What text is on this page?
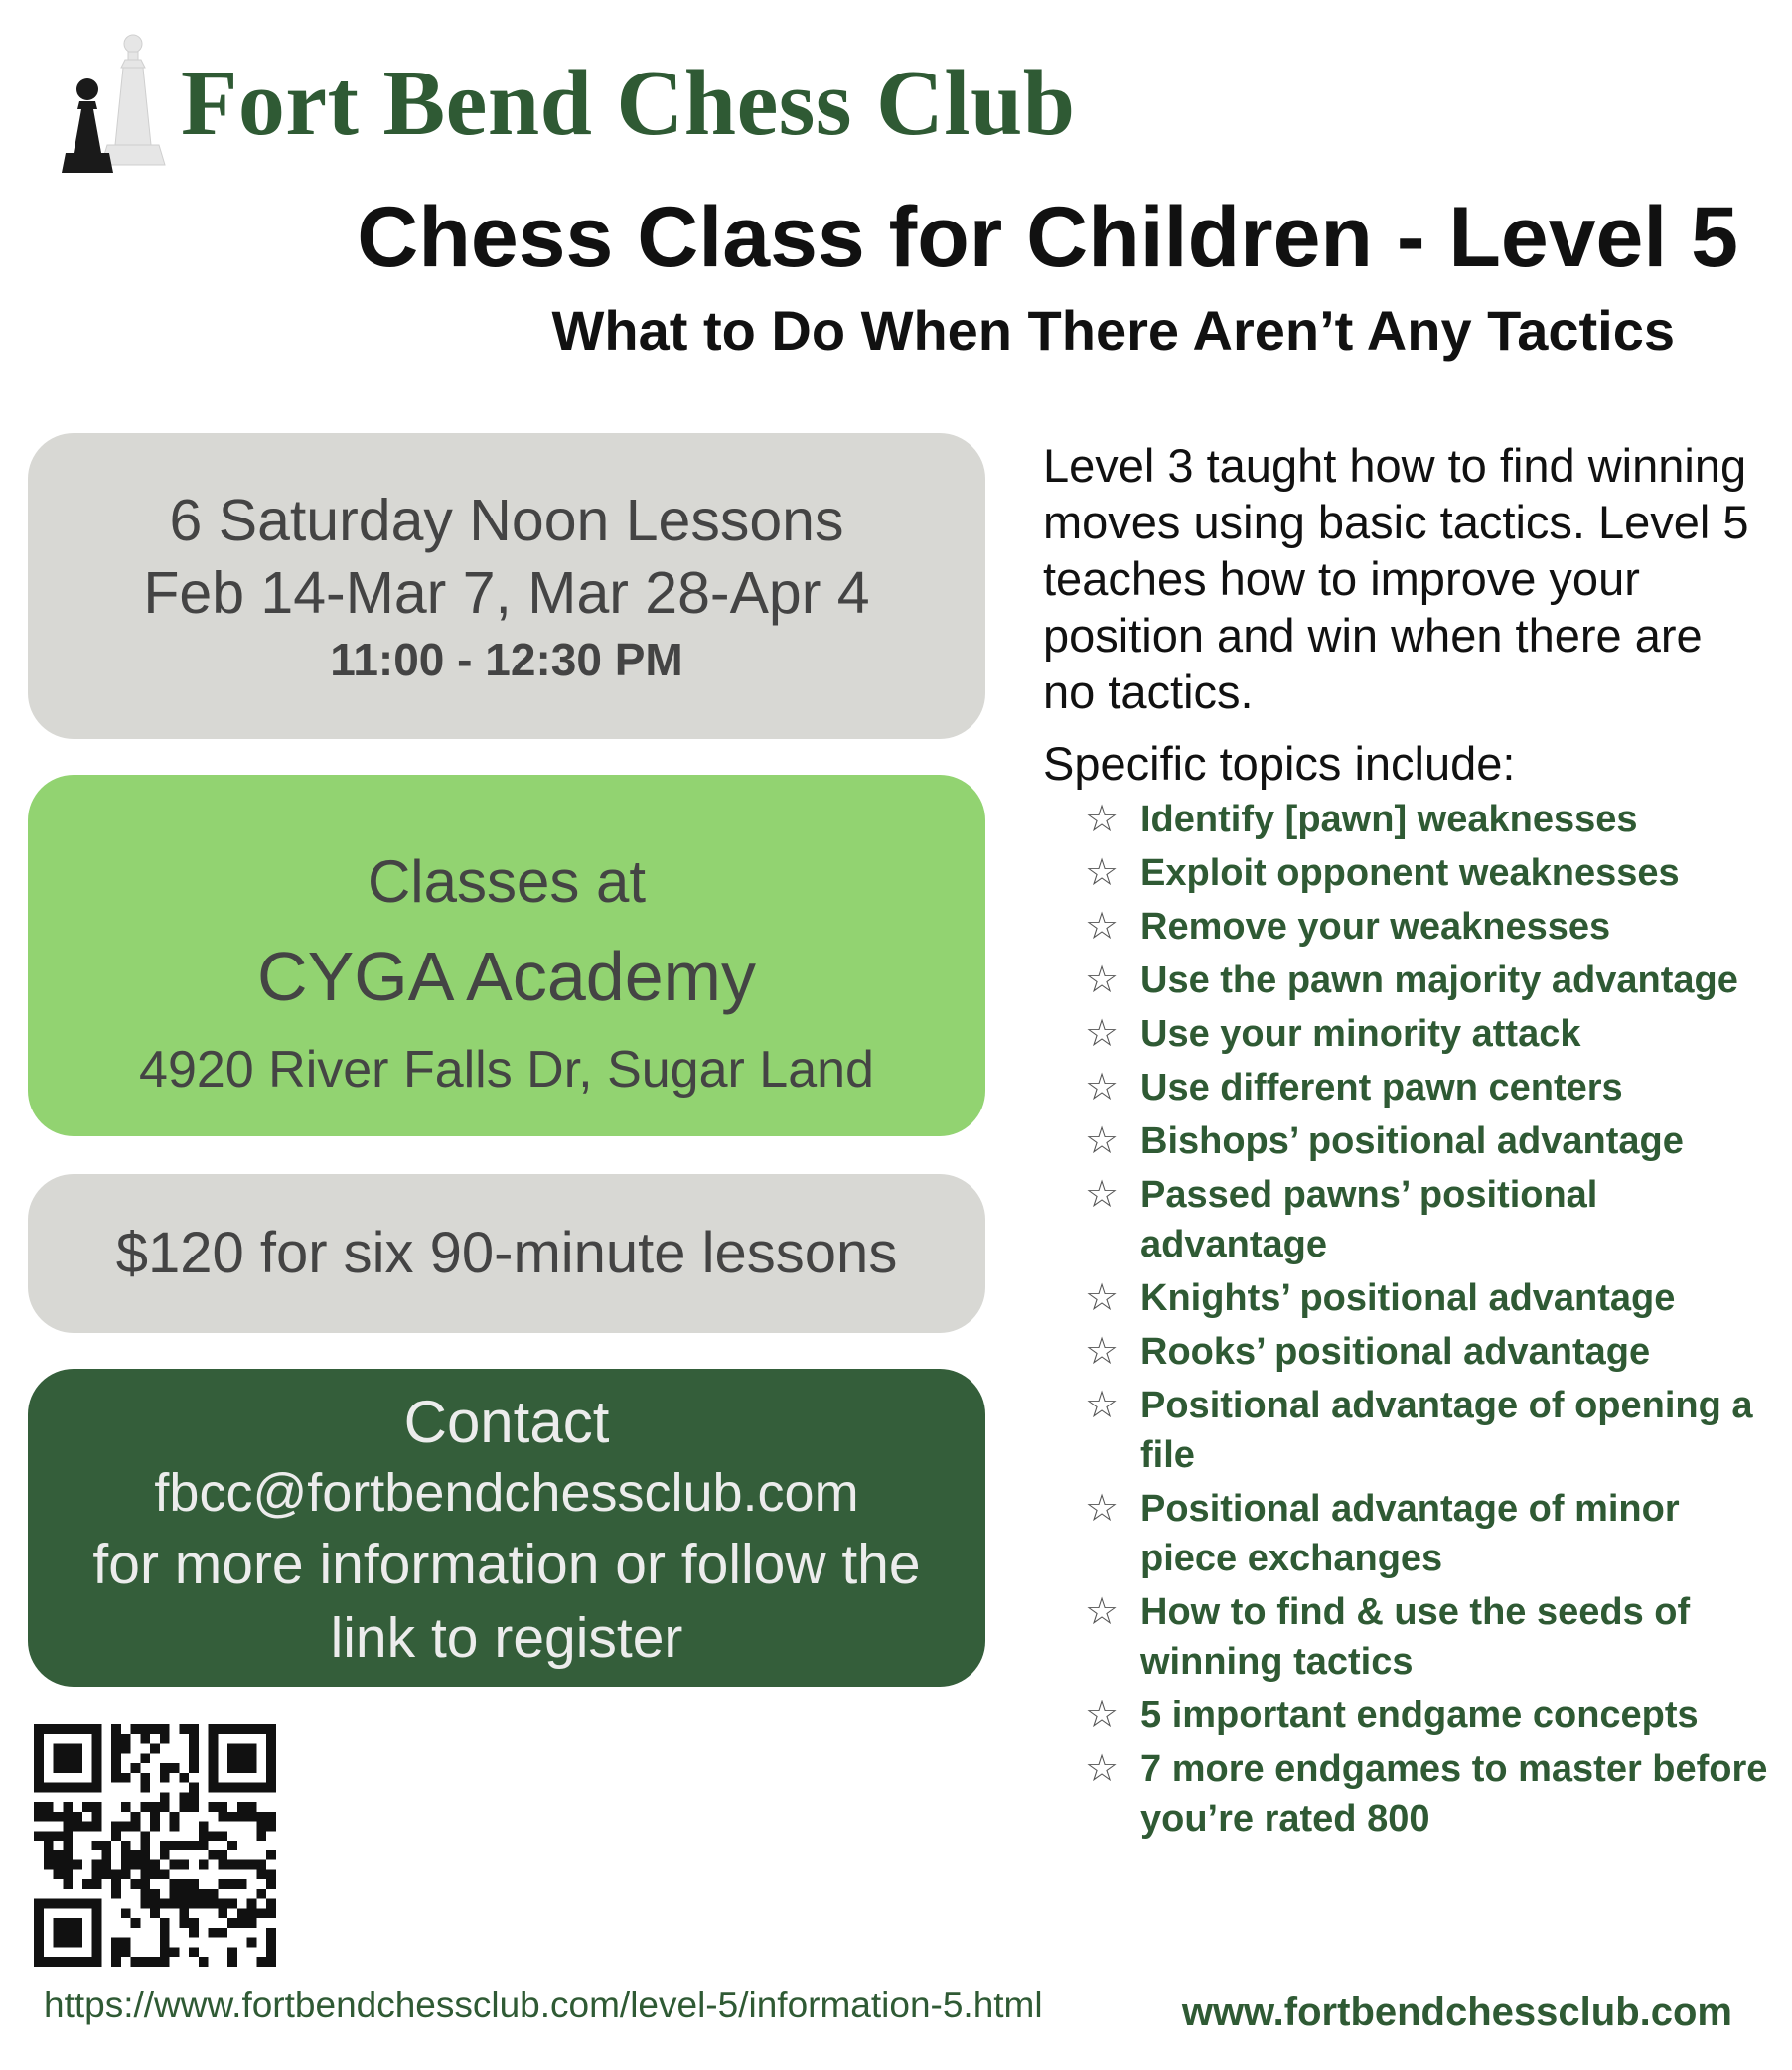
Fort Bend Chess Club
Chess Class for Children - Level 5
What to Do When There Aren’t Any Tactics
6 Saturday Noon Lessons
Feb 14-Mar 7, Mar 28-Apr 4
11:00 - 12:30 PM
Classes at
CYGA Academy
4920 River Falls Dr, Sugar Land
$120 for six 90-minute lessons
Contact
fbcc@fortbendchessclub.com
for more information or follow the
link to register
Level 3 taught how to find winning moves using basic tactics. Level 5 teaches how to improve your position and win when there are no tactics.
Specific topics include:
☆ Identify [pawn] weaknesses
☆ Exploit opponent weaknesses
☆ Remove your weaknesses
☆ Use the pawn majority advantage
☆ Use your minority attack
☆ Use different pawn centers
☆ Bishops’ positional advantage
☆ Passed pawns’ positional advantage
☆ Knights’ positional advantage
☆ Rooks’ positional advantage
☆ Positional advantage of opening a file
☆ Positional advantage of minor piece exchanges
☆ How to find & use the seeds of winning tactics
☆ 5 important endgame concepts
☆ 7 more endgames to master before you’re rated 800
https://www.fortbendchessclub.com/level-5/information-5.html	www.fortbendchessclub.com
